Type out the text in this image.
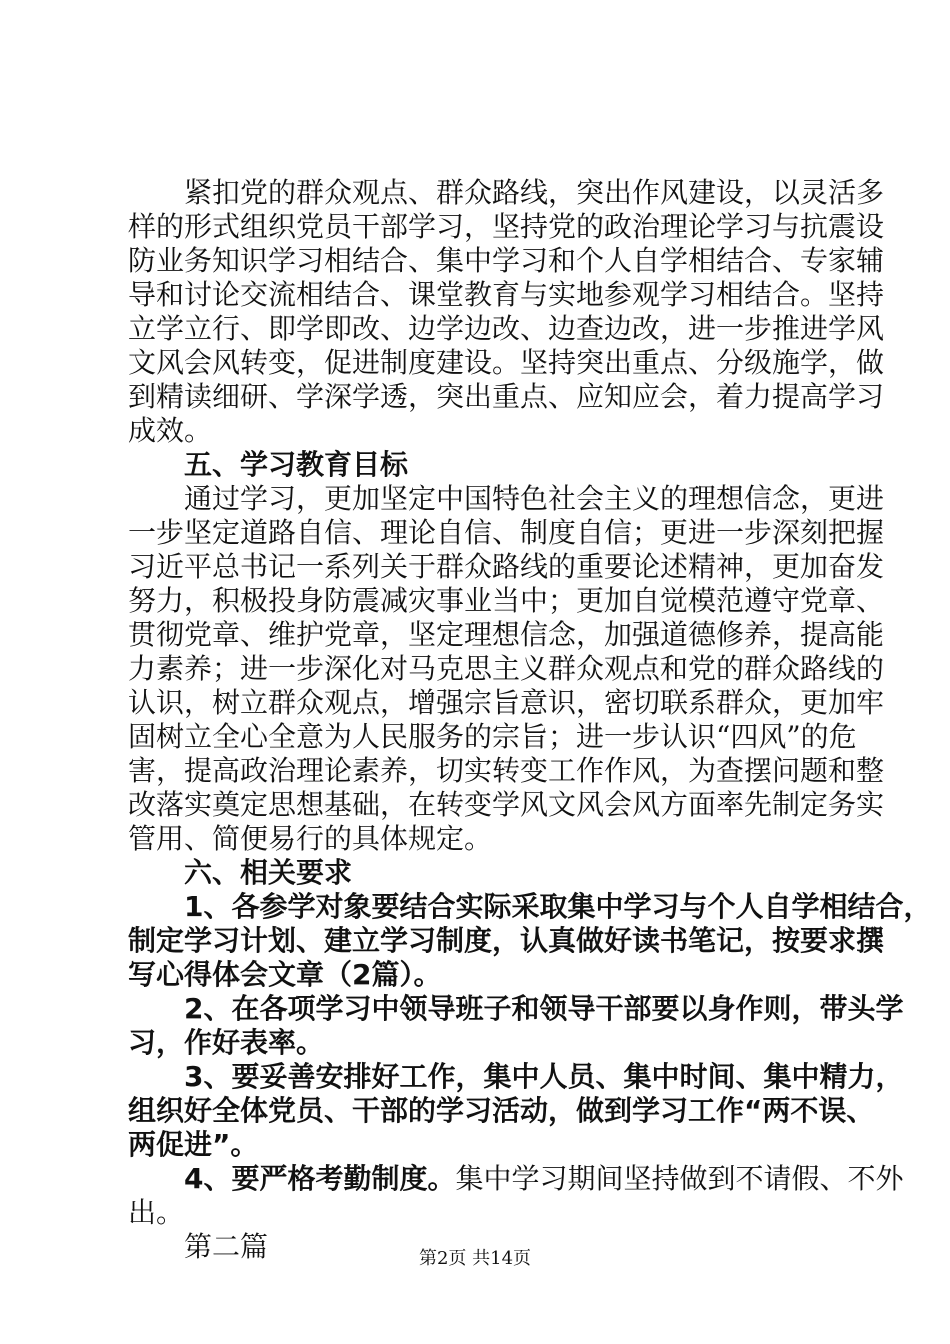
紧扣党的群众观点、群众路线，突出作风建设，以灵活多
样的形式组织党员干部学习，坚持党的政治理论学习与抗震设
防业务知识学习相结合、集中学习和个人自学相结合、专家辅
导和讨论交流相结合、课堂教育与实地参观学习相结合。坚持
立学立行、即学即改、边学边改、边查边改，进一步推进学风
文风会风转变，促进制度建设。坚持突出重点、分级施学，做
到精读细研、学深学透，突出重点、应知应会，着力提高学习
成效。
五、学习教育目标
通过学习，更加坚定中国特色社会主义的理想信念，更进
一步坚定道路自信、理论自信、制度自信；更进一步深刻把握
习近平总书记一系列关于群众路线的重要论述精神，更加奋发
努力，积极投身防震减灾事业当中；更加自觉模范遵守党章、
贯彻党章、维护党章，坚定理想信念，加强道德修养，提高能
力素养；进一步深化对马克思主义群众观点和党的群众路线的
认识，树立群众观点，增强宗旨意识，密切联系群众，更加牢
固树立全心全意为人民服务的宗旨；进一步认识“四风”的危
害，提高政治理论素养，切实转变工作作风，为查摆问题和整
改落实奠定思想基础，在转变学风文风会风方面率先制定务实
管用、简便易行的具体规定。
六、相关要求
1、各参学对象要结合实际采取集中学习与个人自学相结合，
制定学习计划、建立学习制度，认真做好读书笔记，按要求撰
写心得体会文章（2篇）。
2、在各项学习中领导班子和领导干部要以身作则，带头学
习，作好表率。
3、要妥善安排好工作，集中人员、集中时间、集中精力，
组织好全体党员、干部的学习活动，做到学习工作“两不误、
两促进”。
4、要严格考勤制度。集中学习期间坚持做到不请假、不外
出。
第二篇	第2页 共14页
